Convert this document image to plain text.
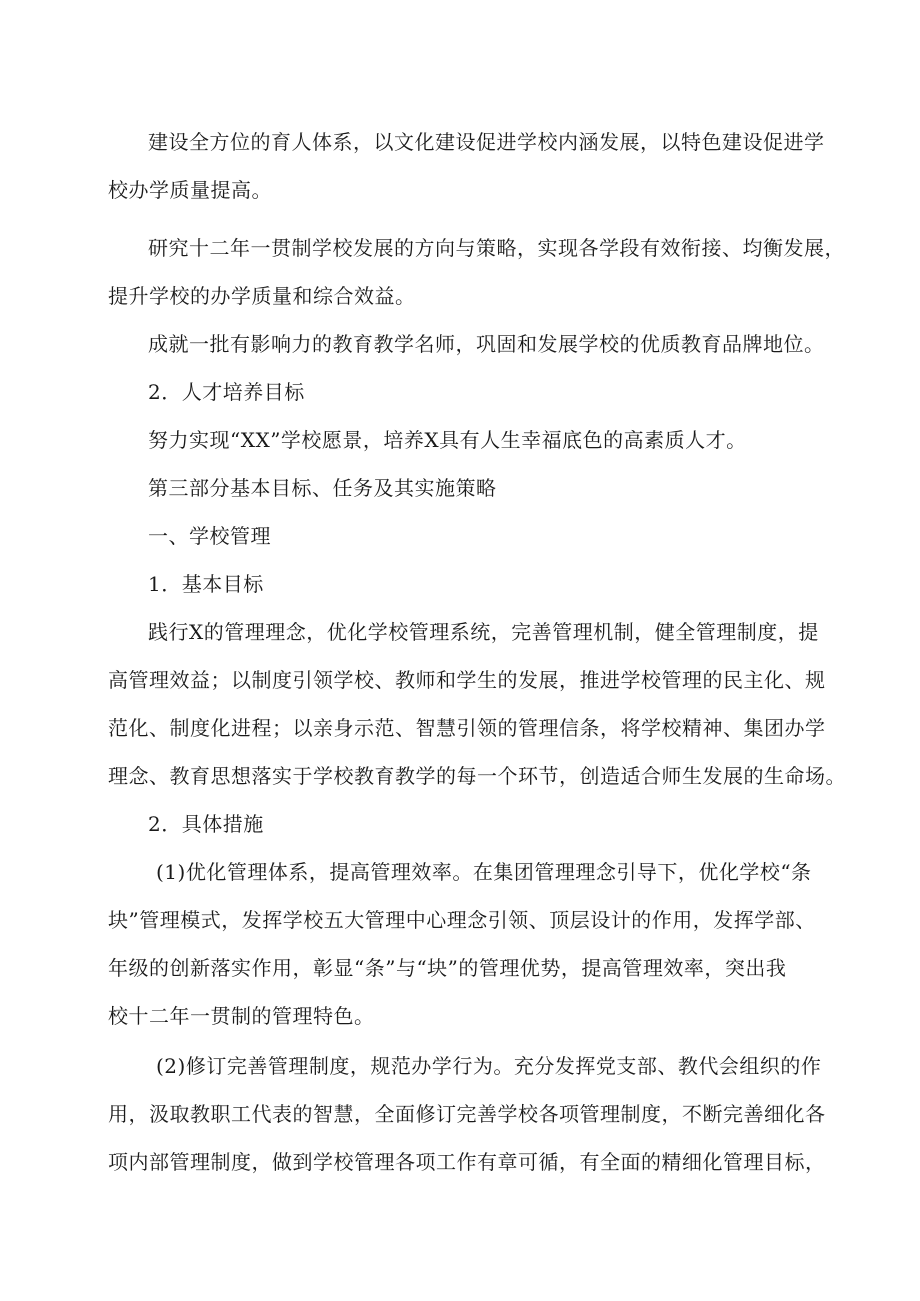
建设全方位的育人体系，以文化建设促进学校内涵发展，以特色建设促进学
校办学质量提高。
研究十二年一贯制学校发展的方向与策略，实现各学段有效衔接、均衡发展，
提升学校的办学质量和综合效益。
成就一批有影响力的教育教学名师，巩固和发展学校的优质教育品牌地位。
2．人才培养目标
努力实现“XX”学校愿景，培养X具有人生幸福底色的高素质人才。
第三部分基本目标、任务及其实施策略
一、学校管理
1．基本目标
践行X的管理理念，优化学校管理系统，完善管理机制，健全管理制度，提
高管理效益；以制度引领学校、教师和学生的发展，推进学校管理的民主化、规
范化、制度化进程；以亲身示范、智慧引领的管理信条，将学校精神、集团办学
理念、教育思想落实于学校教育教学的每一个环节，创造适合师生发展的生命场。
2．具体措施
(1)优化管理体系，提高管理效率。在集团管理理念引导下，优化学校“条
块”管理模式，发挥学校五大管理中心理念引领、顶层设计的作用，发挥学部、
年级的创新落实作用，彰显“条”与“块”的管理优势，提高管理效率，突出我
校十二年一贯制的管理特色。
(2)修订完善管理制度，规范办学行为。充分发挥党支部、教代会组织的作
用，汲取教职工代表的智慧，全面修订完善学校各项管理制度，不断完善细化各
项内部管理制度，做到学校管理各项工作有章可循，有全面的精细化管理目标，
